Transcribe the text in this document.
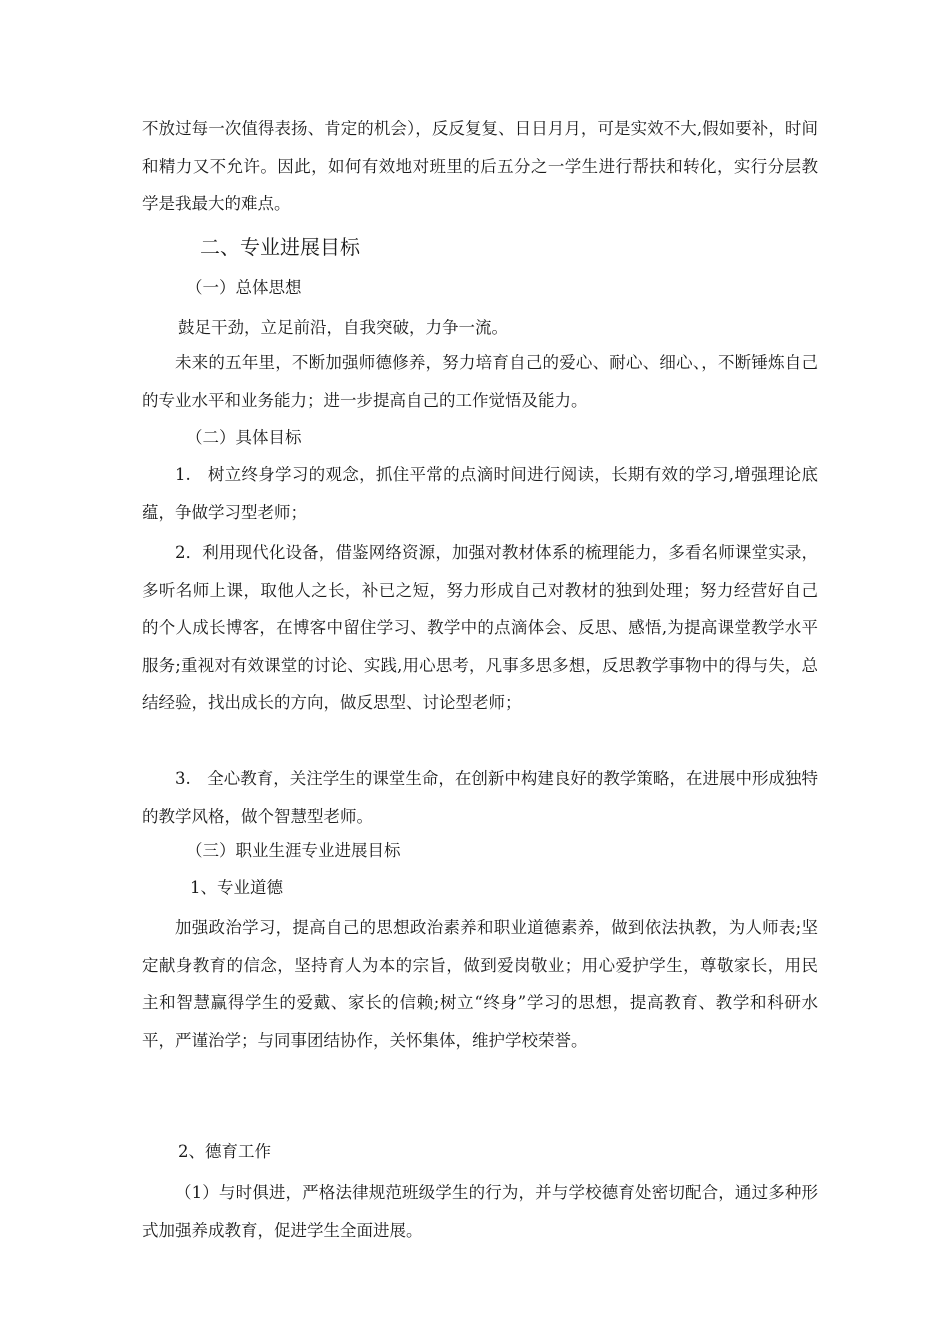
不放过每一次值得表扬、肯定的机会），反反复复、日日月月，可是实效不大,假如要补，时间和精力又不允许。因此，如何有效地对班里的后五分之一学生进行帮扶和转化，实行分层教学是我最大的难点。

二、专业进展目标

（一）总体思想

鼓足干劲，立足前沿，自我突破，力争一流。

未来的五年里，不断加强师德修养，努力培育自己的爱心、耐心、细心、，不断锤炼自己的专业水平和业务能力；进一步提高自己的工作觉悟及能力。

（二）具体目标

1.　树立终身学习的观念，抓住平常的点滴时间进行阅读，长期有效的学习,增强理论底蕴，争做学习型老师；

2．利用现代化设备，借鉴网络资源，加强对教材体系的梳理能力，多看名师课堂实录，多听名师上课，取他人之长，补已之短，努力形成自己对教材的独到处理；努力经营好自己的个人成长博客，在博客中留住学习、教学中的点滴体会、反思、感悟,为提高课堂教学水平服务;重视对有效课堂的讨论、实践,用心思考，凡事多思多想，反思教学事物中的得与失，总结经验，找出成长的方向，做反思型、讨论型老师；

3.　全心教育，关注学生的课堂生命，在创新中构建良好的教学策略，在进展中形成独特的教学风格，做个智慧型老师。

（三）职业生涯专业进展目标

1、专业道德

加强政治学习，提高自己的思想政治素养和职业道德素养，做到依法执教，为人师表;坚定献身教育的信念，坚持育人为本的宗旨，做到爱岗敬业；用心爱护学生，尊敬家长，用民主和智慧赢得学生的爱戴、家长的信赖;树立“终身”学习的思想，提高教育、教学和科研水平，严谨治学；与同事团结协作，关怀集体，维护学校荣誉。

2、德育工作

（1）与时俱进，严格法律规范班级学生的行为，并与学校德育处密切配合，通过多种形式加强养成教育，促进学生全面进展。
